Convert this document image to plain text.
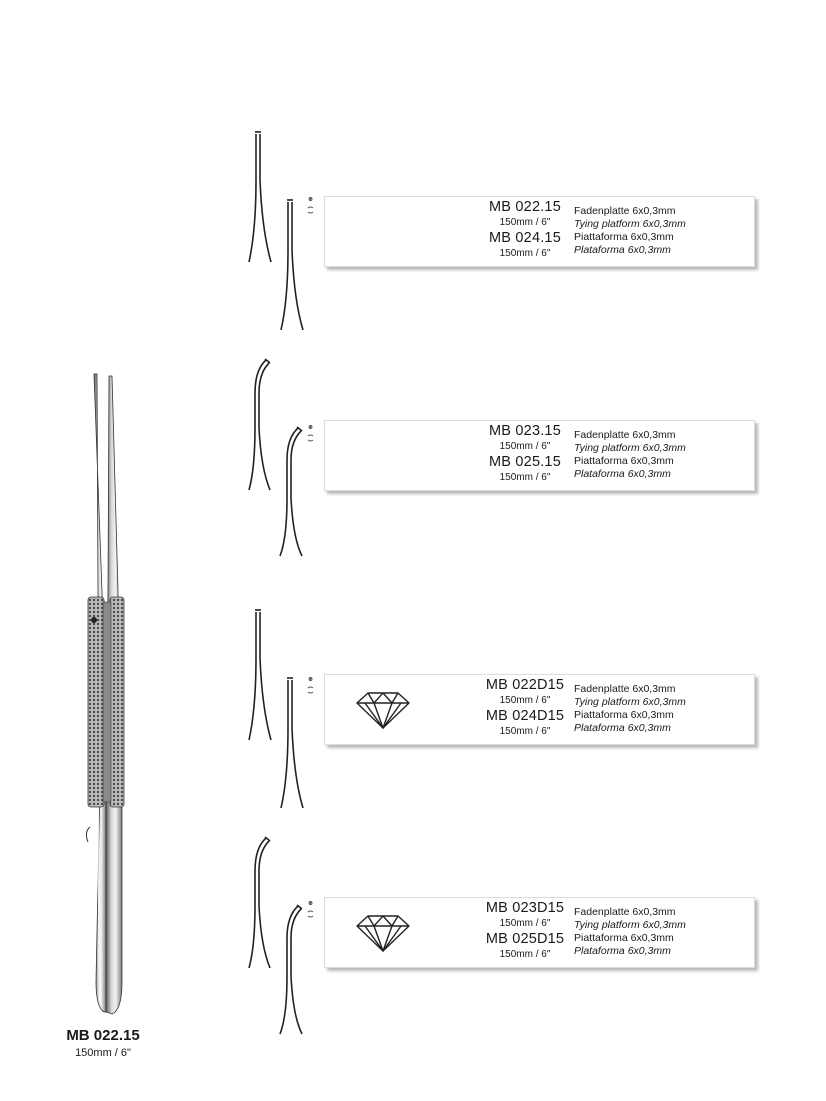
MB 022.15
150mm / 6"
MB 022.15
150mm / 6"
MB 024.15
150mm / 6"
Fadenplatte 6x0,3mm
Tying platform 6x0,3mm
Piattaforma 6x0,3mm
Plataforma 6x0,3mm
MB 023.15
150mm / 6"
MB 025.15
150mm / 6"
Fadenplatte 6x0,3mm
Tying platform 6x0,3mm
Piattaforma 6x0,3mm
Plataforma 6x0,3mm
MB 022D15
150mm / 6"
MB 024D15
150mm / 6"
Fadenplatte 6x0,3mm
Tying platform 6x0,3mm
Piattaforma 6x0,3mm
Plataforma 6x0,3mm
MB 023D15
150mm / 6"
MB 025D15
150mm / 6"
Fadenplatte 6x0,3mm
Tying platform 6x0,3mm
Piattaforma 6x0,3mm
Plataforma 6x0,3mm
